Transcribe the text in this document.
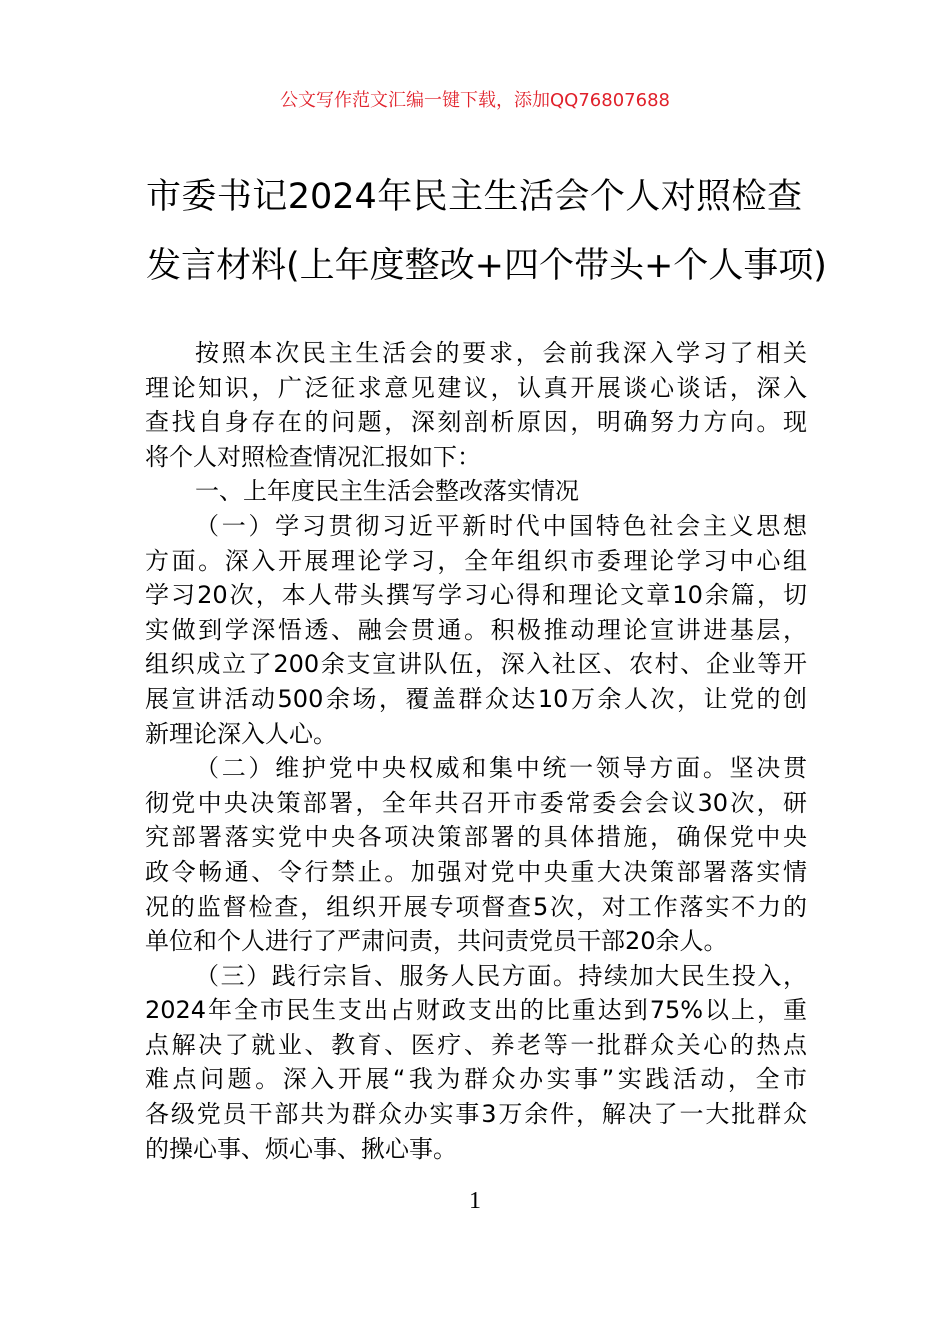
公文写作范文汇编一键下载，添加QQ76807688
市委书记2024年民主生活会个人对照检查
发言材料(上年度整改+四个带头+个人事项)
按照本次民主生活会的要求，会前我深入学习了相关
理论知识，广泛征求意见建议，认真开展谈心谈话，深入
查找自身存在的问题，深刻剖析原因，明确努力方向。现
将个人对照检查情况汇报如下：
一、上年度民主生活会整改落实情况
（一）学习贯彻习近平新时代中国特色社会主义思想
方面。深入开展理论学习，全年组织市委理论学习中心组
学习20次，本人带头撰写学习心得和理论文章10余篇，切
实做到学深悟透、融会贯通。积极推动理论宣讲进基层，
组织成立了200余支宣讲队伍，深入社区、农村、企业等开
展宣讲活动500余场，覆盖群众达10万余人次，让党的创
新理论深入人心。
（二）维护党中央权威和集中统一领导方面。坚决贯
彻党中央决策部署，全年共召开市委常委会会议30次，研
究部署落实党中央各项决策部署的具体措施，确保党中央
政令畅通、令行禁止。加强对党中央重大决策部署落实情
况的监督检查，组织开展专项督查5次，对工作落实不力的
单位和个人进行了严肃问责，共问责党员干部20余人。
（三）践行宗旨、服务人民方面。持续加大民生投入，
2024年全市民生支出占财政支出的比重达到75%以上，重
点解决了就业、教育、医疗、养老等一批群众关心的热点
难点问题。深入开展“我为群众办实事”实践活动，全市
各级党员干部共为群众办实事3万余件，解决了一大批群众
的操心事、烦心事、揪心事。
1
